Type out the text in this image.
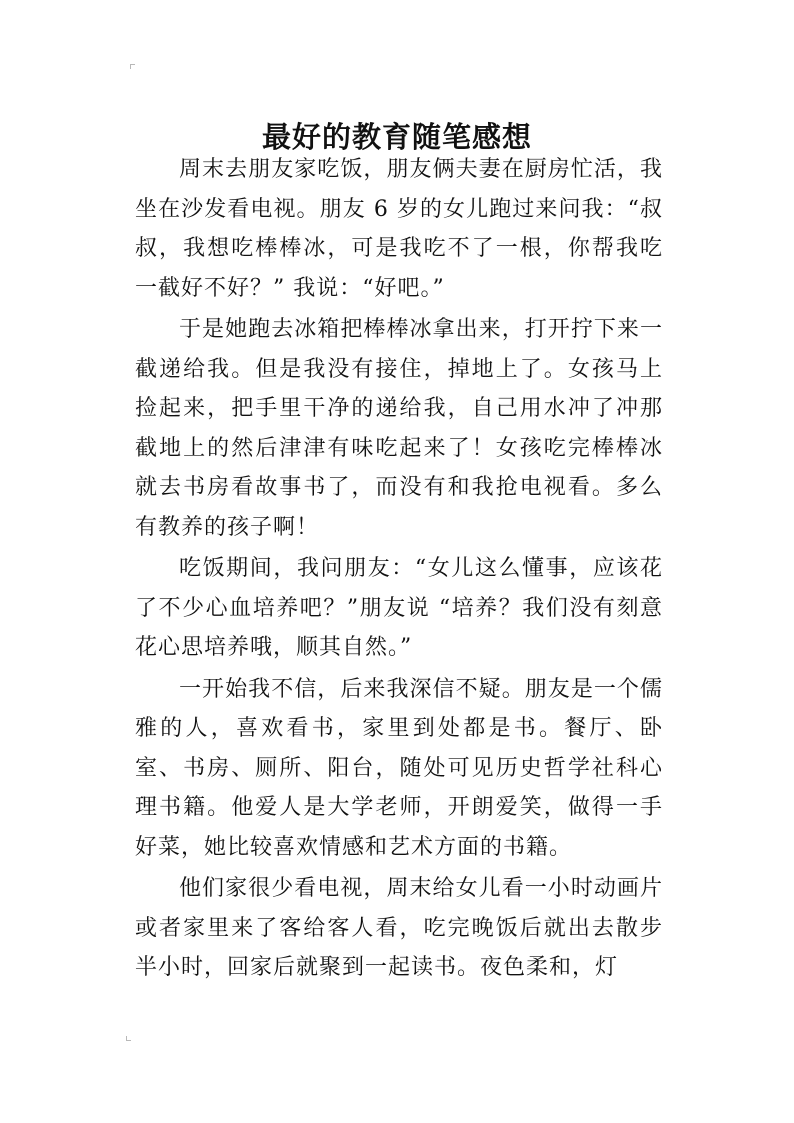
最好的教育随笔感想

周末去朋友家吃饭，朋友俩夫妻在厨房忙活，我坐在沙发看电视。朋友 6 岁的女儿跑过来问我：“叔叔，我想吃棒棒冰，可是我吃不了一根，你帮我吃一截好不好？” 我说：“好吧。”

于是她跑去冰箱把棒棒冰拿出来，打开拧下来一截递给我。但是我没有接住，掉地上了。女孩马上捡起来，把手里干净的递给我，自己用水冲了冲那截地上的然后津津有味吃起来了！女孩吃完棒棒冰就去书房看故事书了，而没有和我抢电视看。多么有教养的孩子啊！

吃饭期间，我问朋友：“女儿这么懂事，应该花了不少心血培养吧？”朋友说 “培养？我们没有刻意花心思培养哦，顺其自然。”

一开始我不信，后来我深信不疑。朋友是一个儒雅的人，喜欢看书，家里到处都是书。餐厅、卧室、书房、厕所、阳台，随处可见历史哲学社科心理书籍。他爱人是大学老师，开朗爱笑，做得一手好菜，她比较喜欢情感和艺术方面的书籍。

他们家很少看电视，周末给女儿看一小时动画片或者家里来了客给客人看，吃完晚饭后就出去散步半小时，回家后就聚到一起读书。夜色柔和，灯
